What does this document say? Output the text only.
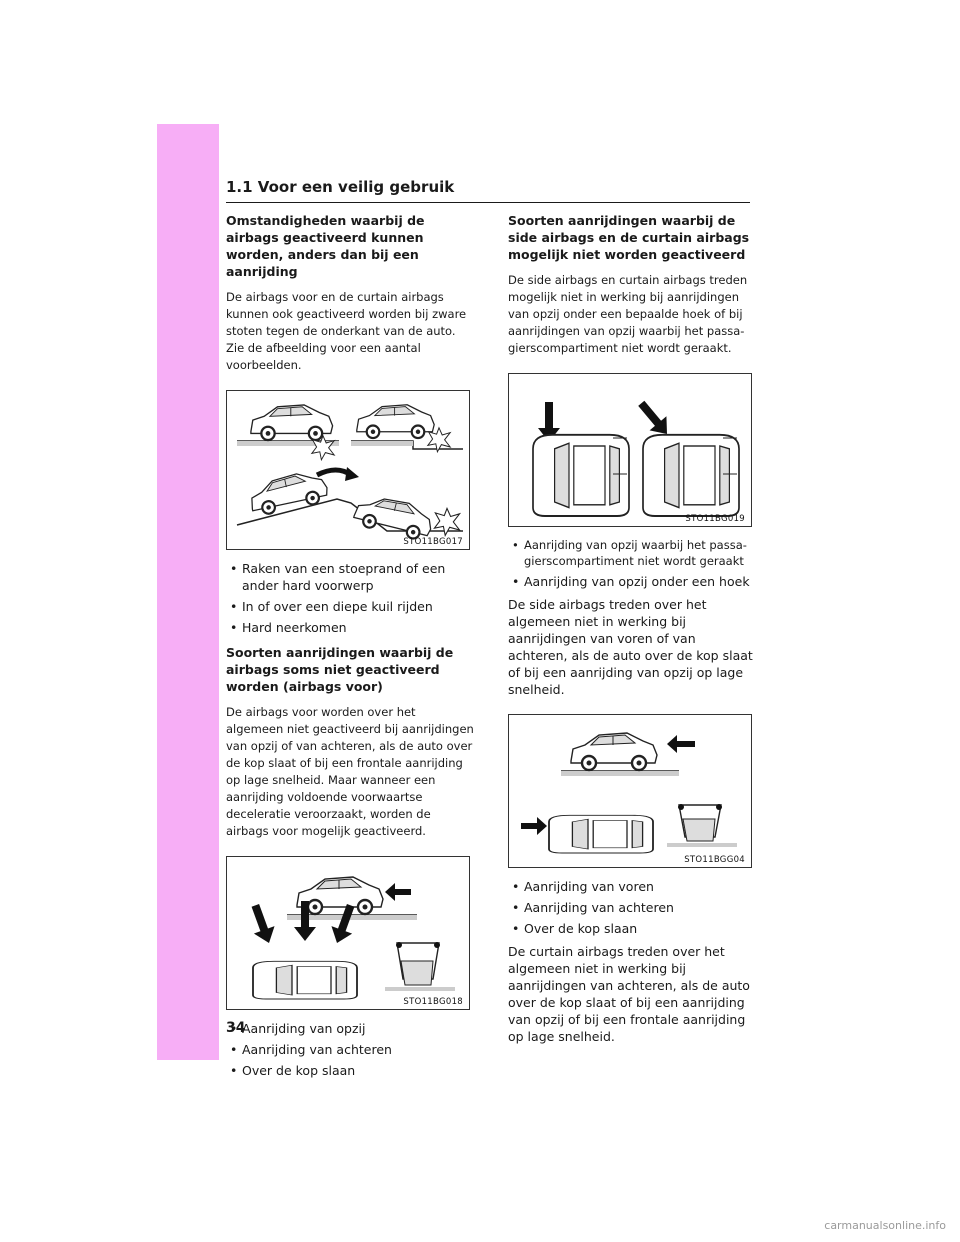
1.1 Voor een veilig gebruik
Omstandigheden waarbij de airbags geactiveerd kunnen worden, anders dan bij een aanrijding

De airbags voor en de curtain airbags kunnen ook geactiveerd worden bij zware stoten tegen de onderkant van de auto. Zie de afbeelding voor een aantal voorbeelden.

STO11BG017
• Raken van een stoeprand of een ander hard voorwerp
• In of over een diepe kuil rijden
• Hard neerkomen
Soorten aanrijdingen waarbij de airbags soms niet geactiveerd worden (airbags voor)

De airbags voor worden over het algemeen niet geactiveerd bij aanrijdingen van opzij of van achteren, als de auto over de kop slaat of bij een frontale aanrijding op lage snelheid. Maar wanneer een aanrijding voldoende voorwaartse deceleratie veroorzaakt, worden de airbags voor mogelijk geactiveerd.

STO11BG018
• Aanrijding van opzij
• Aanrijding van achteren
• Over de kop slaan
Soorten aanrijdingen waarbij de side airbags en de curtain airbags mogelijk niet worden geactiveerd

De side airbags en curtain airbags treden mogelijk niet in werking bij aanrijdingen van opzij onder een bepaalde hoek of bij aanrijdingen van opzij waarbij het passa-gierscompartiment niet wordt geraakt.

STO11BG019
• Aanrijding van opzij waarbij het passa-gierscompartiment niet wordt geraakt
• Aanrijding van opzij onder een hoek

De side airbags treden over het algemeen niet in werking bij aanrijdingen van voren of van achteren, als de auto over de kop slaat of bij een aanrijding van opzij op lage snelheid.

STO11BGG04
• Aanrijding van voren
• Aanrijding van achteren
• Over de kop slaan

De curtain airbags treden over het algemeen niet in werking bij aanrijdingen van achteren, als de auto over de kop slaat of bij een aanrijding van opzij of bij een frontale aanrijding op lage snelheid.

34
carmanualsonline.info
